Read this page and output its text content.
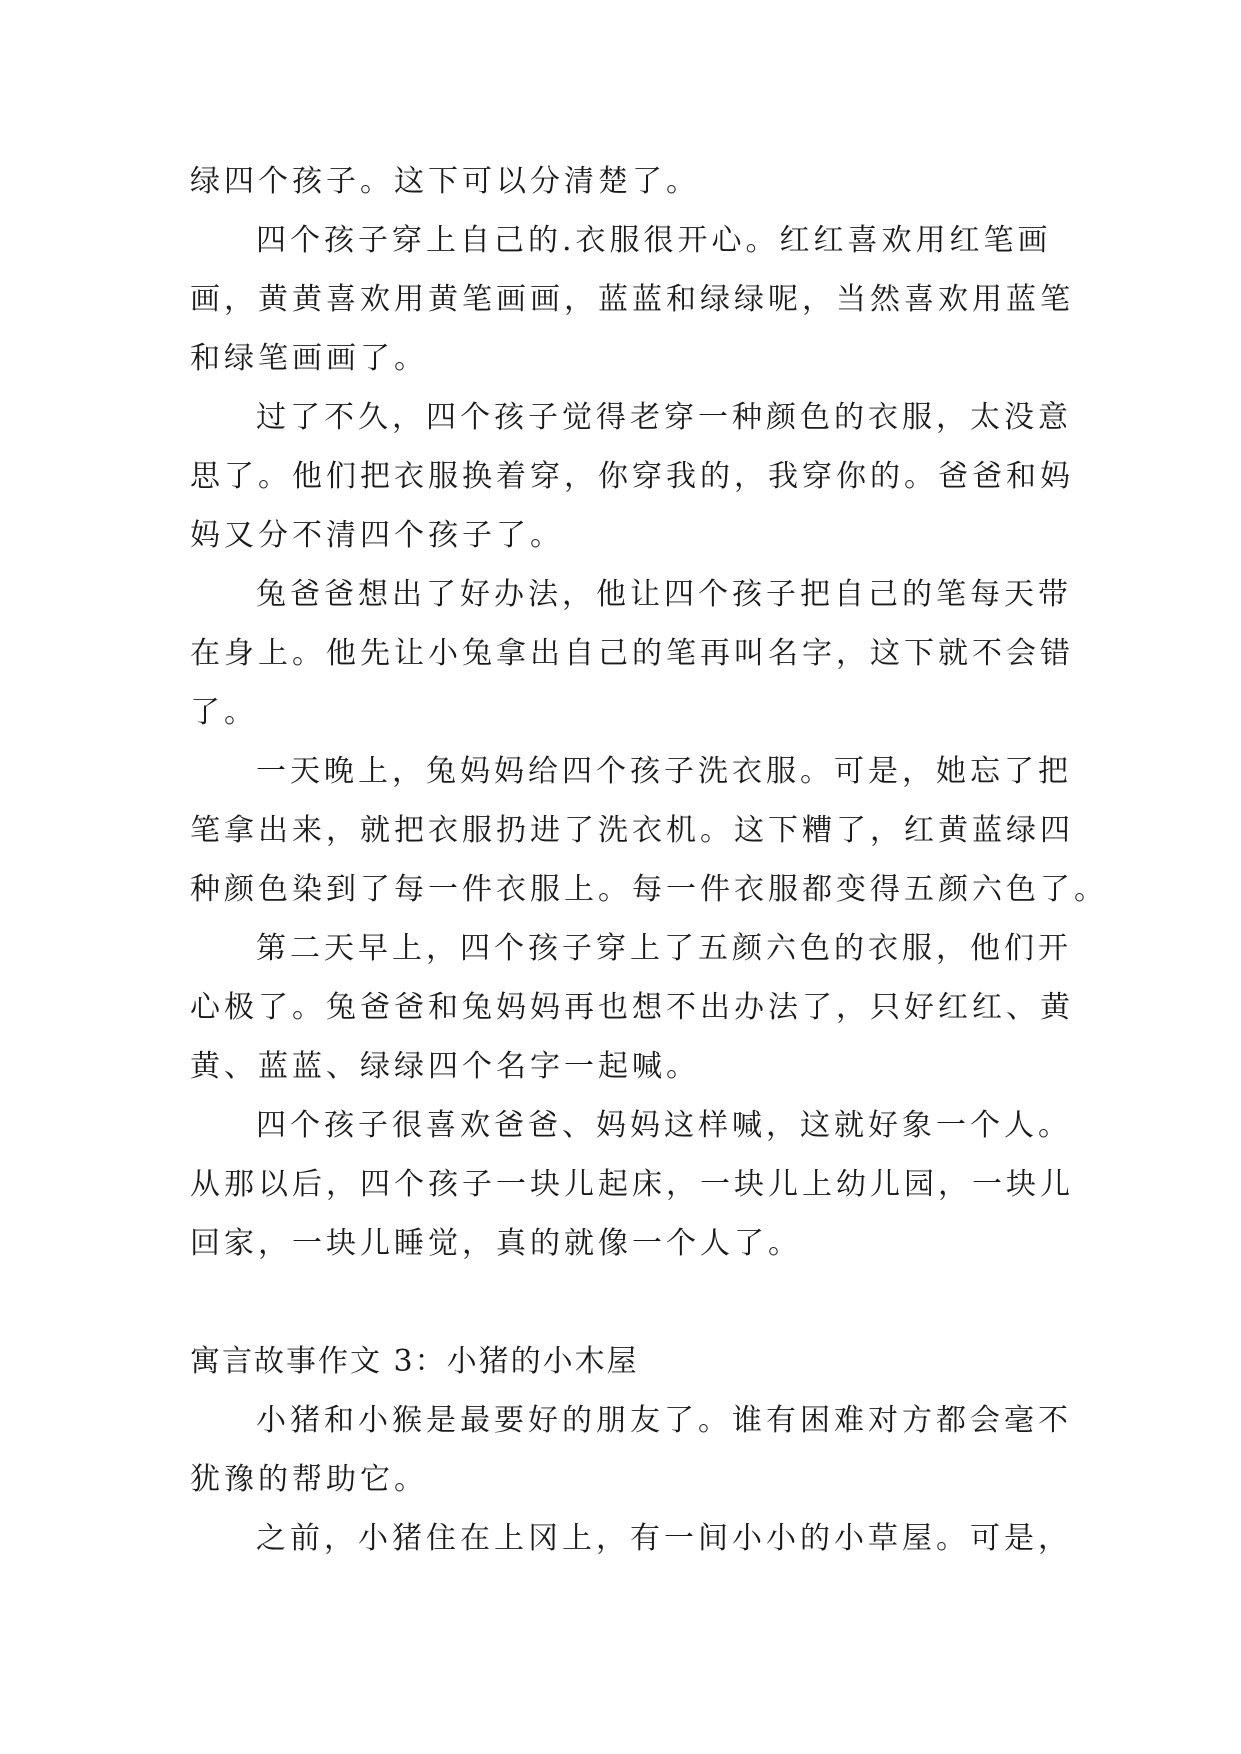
绿四个孩子。这下可以分清楚了。

四个孩子穿上自己的.衣服很开心。红红喜欢用红笔画

画，黄黄喜欢用黄笔画画，蓝蓝和绿绿呢，当然喜欢用蓝笔

和绿笔画画了。

过了不久，四个孩子觉得老穿一种颜色的衣服，太没意

思了。他们把衣服换着穿，你穿我的，我穿你的。爸爸和妈

妈又分不清四个孩子了。

兔爸爸想出了好办法，他让四个孩子把自己的笔每天带

在身上。他先让小兔拿出自己的笔再叫名字，这下就不会错

了。

一天晚上，兔妈妈给四个孩子洗衣服。可是，她忘了把

笔拿出来，就把衣服扔进了洗衣机。这下糟了，红黄蓝绿四

种颜色染到了每一件衣服上。每一件衣服都变得五颜六色了。

第二天早上，四个孩子穿上了五颜六色的衣服，他们开

心极了。兔爸爸和兔妈妈再也想不出办法了，只好红红、黄

黄、蓝蓝、绿绿四个名字一起喊。

四个孩子很喜欢爸爸、妈妈这样喊，这就好象一个人。

从那以后，四个孩子一块儿起床，一块儿上幼儿园，一块儿

回家，一块儿睡觉，真的就像一个人了。

寓言故事作文 3：小猪的小木屋

小猪和小猴是最要好的朋友了。谁有困难对方都会毫不

犹豫的帮助它。

之前，小猪住在上冈上，有一间小小的小草屋。可是，
